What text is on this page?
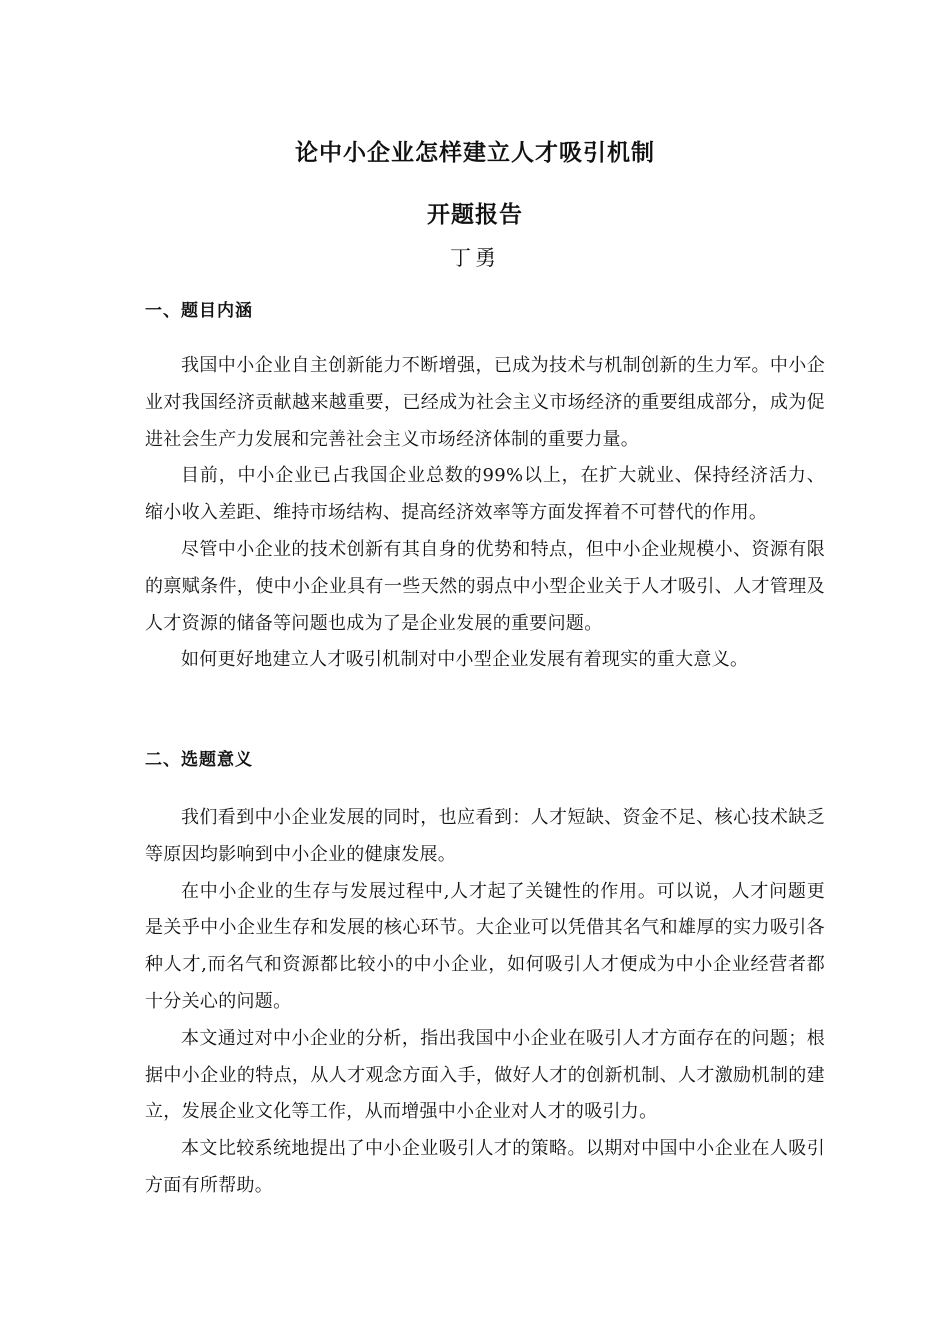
论中小企业怎样建立人才吸引机制
开题报告
丁勇
一、题目内涵

我国中小企业自主创新能力不断增强，已成为技术与机制创新的生力军。中小企业对我国经济贡献越来越重要，已经成为社会主义市场经济的重要组成部分，成为促进社会生产力发展和完善社会主义市场经济体制的重要力量。

目前，中小企业已占我国企业总数的99%以上，在扩大就业、保持经济活力、缩小收入差距、维持市场结构、提高经济效率等方面发挥着不可替代的作用。

尽管中小企业的技术创新有其自身的优势和特点，但中小企业规模小、资源有限的禀赋条件，使中小企业具有一些天然的弱点中小型企业关于人才吸引、人才管理及人才资源的储备等问题也成为了是企业发展的重要问题。

如何更好地建立人才吸引机制对中小型企业发展有着现实的重大意义。

二、选题意义

我们看到中小企业发展的同时，也应看到：人才短缺、资金不足、核心技术缺乏等原因均影响到中小企业的健康发展。

在中小企业的生存与发展过程中,人才起了关键性的作用。可以说，人才问题更是关乎中小企业生存和发展的核心环节。大企业可以凭借其名气和雄厚的实力吸引各种人才,而名气和资源都比较小的中小企业，如何吸引人才便成为中小企业经营者都十分关心的问题。

本文通过对中小企业的分析，指出我国中小企业在吸引人才方面存在的问题；根据中小企业的特点，从人才观念方面入手，做好人才的创新机制、人才激励机制的建立，发展企业文化等工作，从而增强中小企业对人才的吸引力。

本文比较系统地提出了中小企业吸引人才的策略。以期对中国中小企业在人吸引方面有所帮助。
